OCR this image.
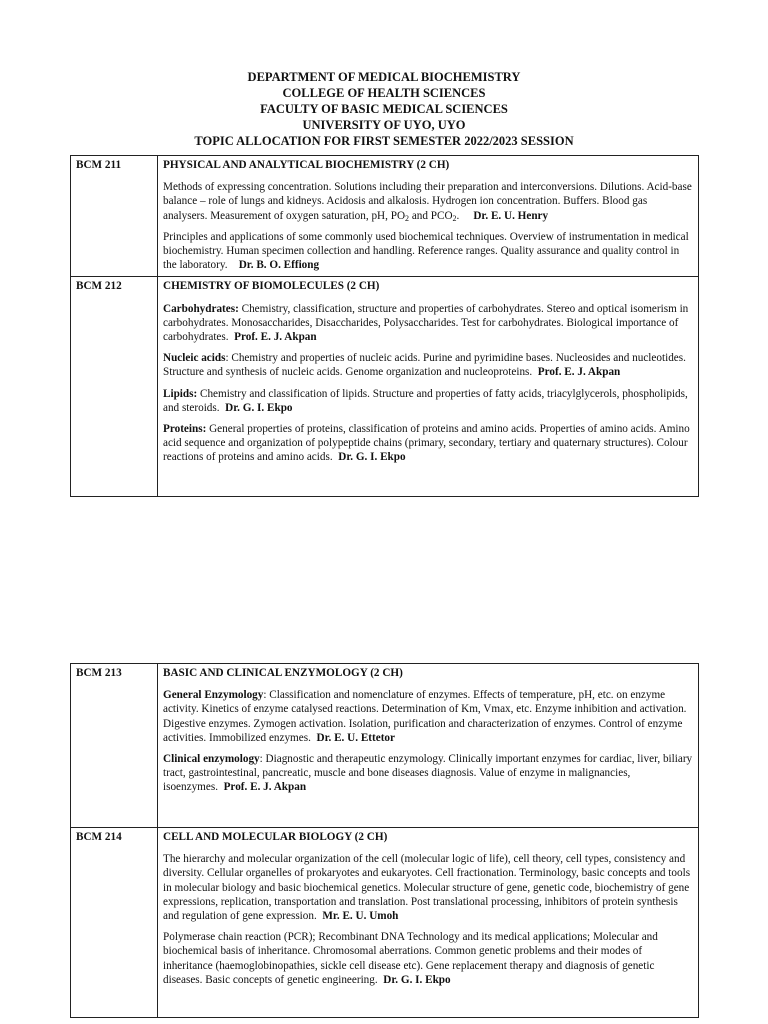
DEPARTMENT OF MEDICAL BIOCHEMISTRY
COLLEGE OF HEALTH SCIENCES
FACULTY OF BASIC MEDICAL SCIENCES
UNIVERSITY OF UYO, UYO
TOPIC ALLOCATION FOR FIRST SEMESTER 2022/2023 SESSION
BCM 211	PHYSICAL AND ANALYTICAL BIOCHEMISTRY (2 CH)
Methods of expressing concentration. Solutions including their preparation and interconversions. Dilutions. Acid-base balance – role of lungs and kidneys. Acidosis and alkalosis. Hydrogen ion concentration. Buffers. Blood gas analysers. Measurement of oxygen saturation, pH, $PO_2$ and $PCO_2$. Dr. E. U. Henry
Principles and applications of some commonly used biochemical techniques. Overview of instrumentation in medical biochemistry. Human specimen collection and handling. Reference ranges. Quality assurance and quality control in the laboratory. Dr. B. O. Effiong

BCM 212	CHEMISTRY OF BIOMOLECULES (2 CH)
Carbohydrates: Chemistry, classification, structure and properties of carbohydrates. Stereo and optical isomerism in carbohydrates. Monosaccharides, Disaccharides, Polysaccharides. Test for carbohydrates. Biological importance of carbohydrates. Prof. E. J. Akpan
Nucleic acids: Chemistry and properties of nucleic acids. Purine and pyrimidine bases. Nucleosides and nucleotides. Structure and synthesis of nucleic acids. Genome organization and nucleoproteins. Prof. E. J. Akpan
Lipids: Chemistry and classification of lipids. Structure and properties of fatty acids, triacylglycerols, phospholipids, and steroids. Dr. G. I. Ekpo
Proteins: General properties of proteins, classification of proteins and amino acids. Properties of amino acids. Amino acid sequence and organization of polypeptide chains (primary, secondary, tertiary and quaternary structures). Colour reactions of proteins and amino acids. Dr. G. I. Ekpo
BCM 213	BASIC AND CLINICAL ENZYMOLOGY (2 CH)
General Enzymology: Classification and nomenclature of enzymes. Effects of temperature, pH, etc. on enzyme activity. Kinetics of enzyme catalysed reactions. Determination of Km, Vmax, etc. Enzyme inhibition and activation. Digestive enzymes. Zymogen activation. Isolation, purification and characterization of enzymes. Control of enzyme activities. Immobilized enzymes. Dr. E. U. Ettetor
Clinical enzymology: Diagnostic and therapeutic enzymology. Clinically important enzymes for cardiac, liver, biliary tract, gastrointestinal, pancreatic, muscle and bone diseases diagnosis. Value of enzyme in malignancies, isoenzymes. Prof. E. J. Akpan

BCM 214	CELL AND MOLECULAR BIOLOGY (2 CH)
The hierarchy and molecular organization of the cell (molecular logic of life), cell theory, cell types, consistency and diversity. Cellular organelles of prokaryotes and eukaryotes. Cell fractionation. Terminology, basic concepts and tools in molecular biology and basic biochemical genetics. Molecular structure of gene, genetic code, biochemistry of gene expressions, replication, transportation and translation. Post translational processing, inhibitors of protein synthesis and regulation of gene expression. Mr. E. U. Umoh
Polymerase chain reaction (PCR); Recombinant DNA Technology and its medical applications; Molecular and biochemical basis of inheritance. Chromosomal aberrations. Common genetic problems and their modes of inheritance (haemoglobinopathies, sickle cell disease etc). Gene replacement therapy and diagnosis of genetic diseases. Basic concepts of genetic engineering. Dr. G. I. Ekpo
